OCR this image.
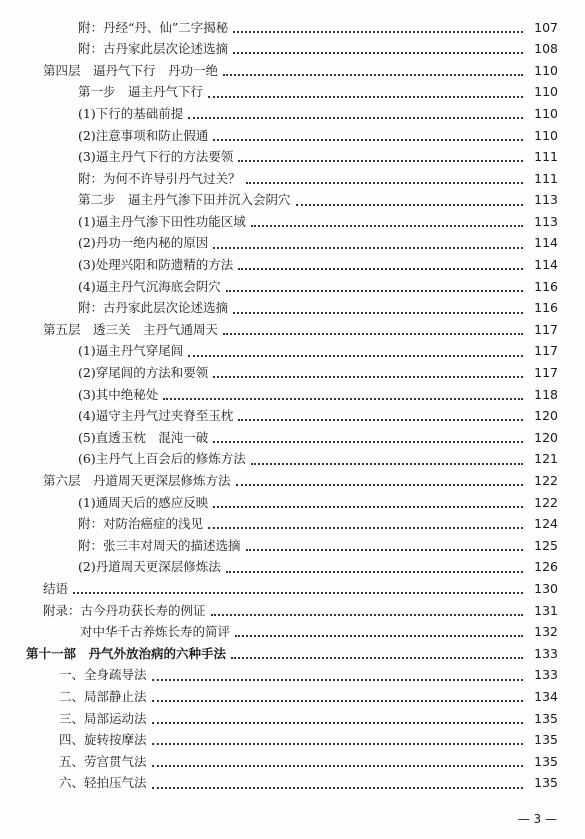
附：丹经“丹、仙”二字揭秘	107
附：古丹家此层次论述选摘	108
第四层　逼丹气下行　丹功一绝	110
第一步　逼主丹气下行	110
(1)下行的基础前提	110
(2)注意事项和防止假通	110
(3)逼主丹气下行的方法要领	111
附：为何不许导引丹气过关？	111
第二步　逼主丹气渗下田并沉入会阴穴	113
(1)逼主丹气渗下田性功能区域	113
(2)丹功一绝内秘的原因	114
(3)处理兴阳和防遗精的方法	114
(4)逼主丹气沉海底会阴穴	116
附：古丹家此层次论述选摘	116
第五层　透三关　主丹气通周天	117
(1)逼主丹气穿尾闾	117
(2)穿尾闾的方法和要领	117
(3)其中绝秘处	118
(4)逼守主丹气过夹脊至玉枕	120
(5)直透玉枕　混沌一破	120
(6)主丹气上百会后的修炼方法	121
第六层　丹道周天更深层修炼方法	122
(1)通周天后的感应反映	122
附：对防治癌症的浅见	124
附：张三丰对周天的描述选摘	125
(2)丹道周天更深层修炼法	126
结语	130
附录：古今丹功获长寿的例证	131
对中华千古养炼长寿的简评	132
第十一部　丹气外放治病的六种手法	133
一、全身疏导法	133
二、局部静止法	134
三、局部运动法	135
四、旋转按摩法	135
五、劳宫贯气法	135
六、轻拍压气法	135
— 3 —
